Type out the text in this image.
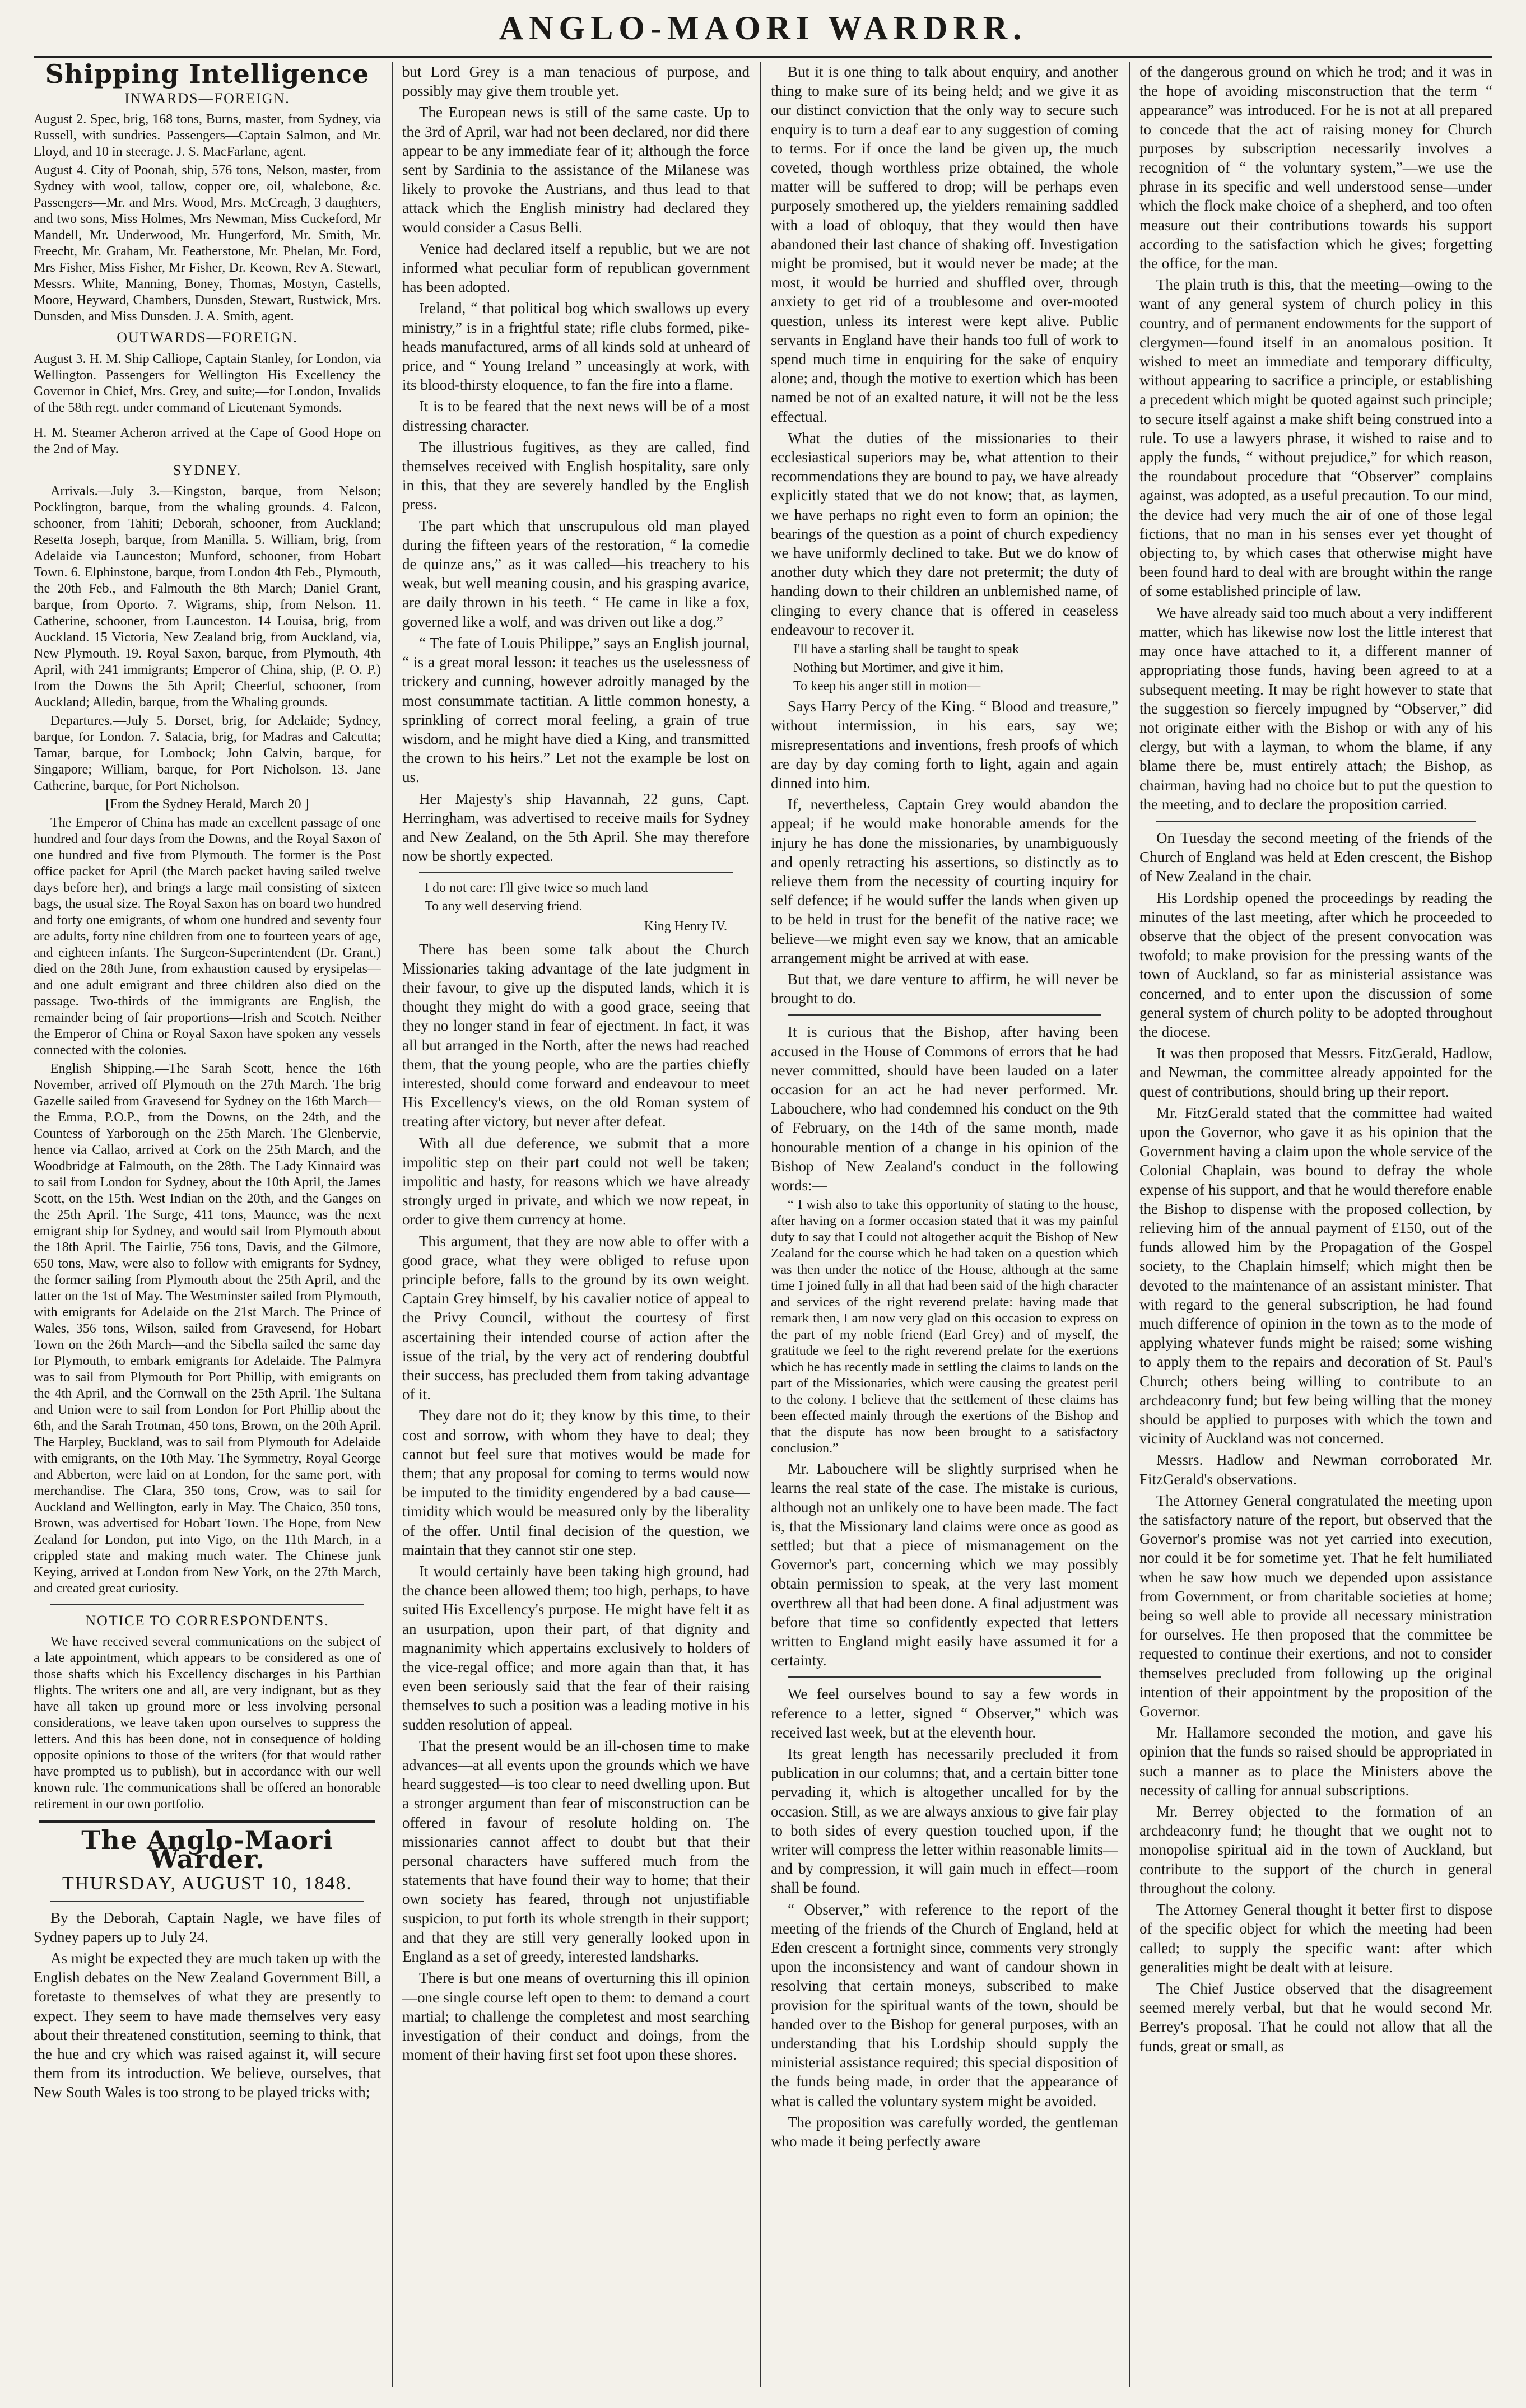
ANGLO-MAORI WARDRR.
Shipping Intelligence
INWARDS—FOREIGN.

August 2. Spec, brig, 168 tons, Burns, master, from Sydney, via Russell, with sundries. Passengers—Captain Salmon, and Mr. Lloyd, and 10 in steerage. J. S. MacFarlane, agent.

August 4. City of Poonah, ship, 576 tons, Nelson, master, from Sydney with wool, tallow, copper ore, oil, whalebone, &c. Passengers—Mr. and Mrs. Wood, Mrs. McCreagh, 3 daughters, and two sons, Miss Holmes, Mrs Newman, Miss Cuckeford, Mr Mandell, Mr. Underwood, Mr. Hungerford, Mr. Smith, Mr. Freecht, Mr. Graham, Mr. Featherstone, Mr. Phelan, Mr. Ford, Mrs Fisher, Miss Fisher, Mr Fisher, Dr. Keown, Rev A. Stewart, Messrs. White, Manning, Boney, Thomas, Mostyn, Castells, Moore, Heyward, Chambers, Dunsden, Stewart, Rustwick, Mrs. Dunsden, and Miss Dunsden. J. A. Smith, agent.

OUTWARDS—FOREIGN.

August 3. H. M. Ship Calliope, Captain Stanley, for London, via Wellington. Passengers for Wellington His Excellency the Governor in Chief, Mrs. Grey, and suite;—for London, Invalids of the 58th regt. under command of Lieutenant Symonds.

H. M. Steamer Acheron arrived at the Cape of Good Hope on the 2nd of May.

SYDNEY.

Arrivals.—July 3.—Kingston, barque, from Nelson; Pocklington, barque, from the whaling grounds. 4. Falcon, schooner, from Tahiti; Deborah, schooner, from Auckland; Resetta Joseph, barque, from Manilla. 5. William, brig, from Adelaide via Launceston; Munford, schooner, from Hobart Town. 6. Elphinstone, barque, from London 4th Feb., Plymouth, the 20th Feb., and Falmouth the 8th March; Daniel Grant, barque, from Oporto. 7. Wigrams, ship, from Nelson. 11. Catherine, schooner, from Launceston. 14 Louisa, brig, from Auckland. 15 Victoria, New Zealand brig, from Auckland, via, New Plymouth. 19. Royal Saxon, barque, from Plymouth, 4th April, with 241 immigrants; Emperor of China, ship, (P. O. P.) from the Downs the 5th April; Cheerful, schooner, from Auckland; Alledin, barque, from the Whaling grounds.

Departures.—July 5. Dorset, brig, for Adelaide; Sydney, barque, for London. 7. Salacia, brig, for Madras and Calcutta; Tamar, barque, for Lombock; John Calvin, barque, for Singapore; William, barque, for Port Nicholson. 13. Jane Catherine, barque, for Port Nicholson.

[From the Sydney Herald, March 20 ]

The Emperor of China has made an excellent passage of one hundred and four days from the Downs, and the Royal Saxon of one hundred and five from Plymouth. The former is the Post office packet for April (the March packet having sailed twelve days before her), and brings a large mail consisting of sixteen bags, the usual size. The Royal Saxon has on board two hundred and forty one emigrants, of whom one hundred and seventy four are adults, forty nine children from one to fourteen years of age, and eighteen infants. The Surgeon-Superintendent (Dr. Grant,) died on the 28th June, from exhaustion caused by erysipelas—and one adult emigrant and three children also died on the passage. Two-thirds of the immigrants are English, the remainder being of fair proportions—Irish and Scotch. Neither the Emperor of China or Royal Saxon have spoken any vessels connected with the colonies.

English Shipping.—The Sarah Scott, hence the 16th November, arrived off Plymouth on the 27th March. The brig Gazelle sailed from Gravesend for Sydney on the 16th March—the Emma, P.O.P., from the Downs, on the 24th, and the Countess of Yarborough on the 25th March. The Glenbervie, hence via Callao, arrived at Cork on the 25th March, and the Woodbridge at Falmouth, on the 28th. The Lady Kinnaird was to sail from London for Sydney, about the 10th April, the James Scott, on the 15th. West Indian on the 20th, and the Ganges on the 25th April. The Surge, 411 tons, Maunce, was the next emigrant ship for Sydney, and would sail from Plymouth about the 18th April. The Fairlie, 756 tons, Davis, and the Gilmore, 650 tons, Maw, were also to follow with emigrants for Sydney, the former sailing from Plymouth about the 25th April, and the latter on the 1st of May. The Westminster sailed from Plymouth, with emigrants for Adelaide on the 21st March. The Prince of Wales, 356 tons, Wilson, sailed from Gravesend, for Hobart Town on the 26th March—and the Sibella sailed the same day for Plymouth, to embark emigrants for Adelaide. The Palmyra was to sail from Plymouth for Port Phillip, with emigrants on the 4th April, and the Cornwall on the 25th April. The Sultana and Union were to sail from London for Port Phillip about the 6th, and the Sarah Trotman, 450 tons, Brown, on the 20th April. The Harpley, Buckland, was to sail from Plymouth for Adelaide with emigrants, on the 10th May. The Symmetry, Royal George and Abberton, were laid on at London, for the same port, with merchandise. The Clara, 350 tons, Crow, was to sail for Auckland and Wellington, early in May. The Chaico, 350 tons, Brown, was advertised for Hobart Town. The Hope, from New Zealand for London, put into Vigo, on the 11th March, in a crippled state and making much water. The Chinese junk Keying, arrived at London from New York, on the 27th March, and created great curiosity.

NOTICE TO CORRESPONDENTS.

We have received several communications on the subject of a late appointment, which appears to be considered as one of those shafts which his Excellency discharges in his Parthian flights. The writers one and all, are very indignant, but as they have all taken up ground more or less involving personal considerations, we leave taken upon ourselves to suppress the letters. And this has been done, not in consequence of holding opposite opinions to those of the writers (for that would rather have prompted us to publish), but in accordance with our well known rule. The communications shall be offered an honorable retirement in our own portfolio.

The Anglo-Maori Warder.
THURSDAY, AUGUST 10, 1848.

By the Deborah, Captain Nagle, we have files of Sydney papers up to July 24.

As might be expected they are much taken up with the English debates on the New Zealand Government Bill, a foretaste to themselves of what they are presently to expect. They seem to have made themselves very easy about their threatened constitution, seeming to think, that the hue and cry which was raised against it, will secure them from its introduction. We believe, ourselves, that New South Wales is too strong to be played tricks with;

but Lord Grey is a man tenacious of purpose, and possibly may give them trouble yet.

The European news is still of the same caste. Up to the 3rd of April, war had not been declared, nor did there appear to be any immediate fear of it; although the force sent by Sardinia to the assistance of the Milanese was likely to provoke the Austrians, and thus lead to that attack which the English ministry had declared they would consider a Casus Belli.

Venice had declared itself a republic, but we are not informed what peculiar form of republican government has been adopted.

Ireland, “ that political bog which swallows up every ministry,” is in a frightful state; rifle clubs formed, pike-heads manufactured, arms of all kinds sold at unheard of price, and “ Young Ireland ” unceasingly at work, with its blood-thirsty eloquence, to fan the fire into a flame.

It is to be feared that the next news will be of a most distressing character.

The illustrious fugitives, as they are called, find themselves received with English hospitality, sare only in this, that they are severely handled by the English press.

The part which that unscrupulous old man played during the fifteen years of the restoration, “ la comedie de quinze ans,” as it was called—his treachery to his weak, but well meaning cousin, and his grasping avarice, are daily thrown in his teeth. “ He came in like a fox, governed like a wolf, and was driven out like a dog.”

“ The fate of Louis Philippe,” says an English journal, “ is a great moral lesson: it teaches us the uselessness of trickery and cunning, however adroitly managed by the most consummate tactitian. A little common honesty, a sprinkling of correct moral feeling, a grain of true wisdom, and he might have died a King, and transmitted the crown to his heirs.” Let not the example be lost on us.

Her Majesty's ship Havannah, 22 guns, Capt. Herringham, was advertised to receive mails for Sydney and New Zealand, on the 5th April. She may therefore now be shortly expected.

I do not care: I'll give twice so much land

To any well deserving friend.

King Henry IV.

There has been some talk about the Church Missionaries taking advantage of the late judgment in their favour, to give up the disputed lands, which it is thought they might do with a good grace, seeing that they no longer stand in fear of ejectment. In fact, it was all but arranged in the North, after the news had reached them, that the young people, who are the parties chiefly interested, should come forward and endeavour to meet His Excellency's views, on the old Roman system of treating after victory, but never after defeat.

With all due deference, we submit that a more impolitic step on their part could not well be taken; impolitic and hasty, for reasons which we have already strongly urged in private, and which we now repeat, in order to give them currency at home.

This argument, that they are now able to offer with a good grace, what they were obliged to refuse upon principle before, falls to the ground by its own weight. Captain Grey himself, by his cavalier notice of appeal to the Privy Council, without the courtesy of first ascertaining their intended course of action after the issue of the trial, by the very act of rendering doubtful their success, has precluded them from taking advantage of it.

They dare not do it; they know by this time, to their cost and sorrow, with whom they have to deal; they cannot but feel sure that motives would be made for them; that any proposal for coming to terms would now be imputed to the timidity engendered by a bad cause—timidity which would be measured only by the liberality of the offer. Until final decision of the question, we maintain that they cannot stir one step.

It would certainly have been taking high ground, had the chance been allowed them; too high, perhaps, to have suited His Excellency's purpose. He might have felt it as an usurpation, upon their part, of that dignity and magnanimity which appertains exclusively to holders of the vice-regal office; and more again than that, it has even been seriously said that the fear of their raising themselves to such a position was a leading motive in his sudden resolution of appeal.

That the present would be an ill-chosen time to make advances—at all events upon the grounds which we have heard suggested—is too clear to need dwelling upon. But a stronger argument than fear of misconstruction can be offered in favour of resolute holding on. The missionaries cannot affect to doubt but that their personal characters have suffered much from the statements that have found their way to home; that their own society has feared, through not unjustifiable suspicion, to put forth its whole strength in their support; and that they are still very generally looked upon in England as a set of greedy, interested landsharks.

There is but one means of overturning this ill opinion—one single course left open to them: to demand a court martial; to challenge the completest and most searching investigation of their conduct and doings, from the moment of their having first set foot upon these shores.

But it is one thing to talk about enquiry, and another thing to make sure of its being held; and we give it as our distinct conviction that the only way to secure such enquiry is to turn a deaf ear to any suggestion of coming to terms. For if once the land be given up, the much coveted, though worthless prize obtained, the whole matter will be suffered to drop; will be perhaps even purposely smothered up, the yielders remaining saddled with a load of obloquy, that they would then have abandoned their last chance of shaking off. Investigation might be promised, but it would never be made; at the most, it would be hurried and shuffled over, through anxiety to get rid of a troublesome and over-mooted question, unless its interest were kept alive. Public servants in England have their hands too full of work to spend much time in enquiring for the sake of enquiry alone; and, though the motive to exertion which has been named be not of an exalted nature, it will not be the less effectual.

What the duties of the missionaries to their ecclesiastical superiors may be, what attention to their recommendations they are bound to pay, we have already explicitly stated that we do not know; that, as laymen, we have perhaps no right even to form an opinion; the bearings of the question as a point of church expediency we have uniformly declined to take. But we do know of another duty which they dare not pretermit; the duty of handing down to their children an unblemished name, of clinging to every chance that is offered in ceaseless endeavour to recover it.

I'll have a starling shall be taught to speak

Nothing but Mortimer, and give it him,

To keep his anger still in motion—

Says Harry Percy of the King. “ Blood and treasure,” without intermission, in his ears, say we; misrepresentations and inventions, fresh proofs of which are day by day coming forth to light, again and again dinned into him.

If, nevertheless, Captain Grey would abandon the appeal; if he would make honorable amends for the injury he has done the missionaries, by unambiguously and openly retracting his assertions, so distinctly as to relieve them from the necessity of courting inquiry for self defence; if he would suffer the lands when given up to be held in trust for the benefit of the native race; we believe—we might even say we know, that an amicable arrangement might be arrived at with ease.

But that, we dare venture to affirm, he will never be brought to do.

It is curious that the Bishop, after having been accused in the House of Commons of errors that he had never committed, should have been lauded on a later occasion for an act he had never performed. Mr. Labouchere, who had condemned his conduct on the 9th of February, on the 14th of the same month, made honourable mention of a change in his opinion of the Bishop of New Zealand's conduct in the following words:—

“ I wish also to take this opportunity of stating to the house, after having on a former occasion stated that it was my painful duty to say that I could not altogether acquit the Bishop of New Zealand for the course which he had taken on a question which was then under the notice of the House, although at the same time I joined fully in all that had been said of the high character and services of the right reverend prelate: having made that remark then, I am now very glad on this occasion to express on the part of my noble friend (Earl Grey) and of myself, the gratitude we feel to the right reverend prelate for the exertions which he has recently made in settling the claims to lands on the part of the Missionaries, which were causing the greatest peril to the colony. I believe that the settlement of these claims has been effected mainly through the exertions of the Bishop and that the dispute has now been brought to a satisfactory conclusion.”

Mr. Labouchere will be slightly surprised when he learns the real state of the case. The mistake is curious, although not an unlikely one to have been made. The fact is, that the Missionary land claims were once as good as settled; but that a piece of mismanagement on the Governor's part, concerning which we may possibly obtain permission to speak, at the very last moment overthrew all that had been done. A final adjustment was before that time so confidently expected that letters written to England might easily have assumed it for a certainty.

We feel ourselves bound to say a few words in reference to a letter, signed “ Observer,” which was received last week, but at the eleventh hour.

Its great length has necessarily precluded it from publication in our columns; that, and a certain bitter tone pervading it, which is altogether uncalled for by the occasion. Still, as we are always anxious to give fair play to both sides of every question touched upon, if the writer will compress the letter within reasonable limits—and by compression, it will gain much in effect—room shall be found.

“ Observer,” with reference to the report of the meeting of the friends of the Church of England, held at Eden crescent a fortnight since, comments very strongly upon the inconsistency and want of candour shown in resolving that certain moneys, subscribed to make provision for the spiritual wants of the town, should be handed over to the Bishop for general purposes, with an understanding that his Lordship should supply the ministerial assistance required; this special disposition of the funds being made, in order that the appearance of what is called the voluntary system might be avoided.

The proposition was carefully worded, the gentleman who made it being perfectly aware

of the dangerous ground on which he trod; and it was in the hope of avoiding misconstruction that the term “ appearance” was introduced. For he is not at all prepared to concede that the act of raising money for Church purposes by subscription necessarily involves a recognition of “ the voluntary system,”—we use the phrase in its specific and well understood sense—under which the flock make choice of a shepherd, and too often measure out their contributions towards his support according to the satisfaction which he gives; forgetting the office, for the man.

The plain truth is this, that the meeting—owing to the want of any general system of church policy in this country, and of permanent endowments for the support of clergymen—found itself in an anomalous position. It wished to meet an immediate and temporary difficulty, without appearing to sacrifice a principle, or establishing a precedent which might be quoted against such principle; to secure itself against a make shift being construed into a rule. To use a lawyers phrase, it wished to raise and to apply the funds, “ without prejudice,” for which reason, the roundabout procedure that “Observer” complains against, was adopted, as a useful precaution. To our mind, the device had very much the air of one of those legal fictions, that no man in his senses ever yet thought of objecting to, by which cases that otherwise might have been found hard to deal with are brought within the range of some established principle of law.

We have already said too much about a very indifferent matter, which has likewise now lost the little interest that may once have attached to it, a different manner of appropriating those funds, having been agreed to at a subsequent meeting. It may be right however to state that the suggestion so fiercely impugned by “Observer,” did not originate either with the Bishop or with any of his clergy, but with a layman, to whom the blame, if any blame there be, must entirely attach; the Bishop, as chairman, having had no choice but to put the question to the meeting, and to declare the proposition carried.

On Tuesday the second meeting of the friends of the Church of England was held at Eden crescent, the Bishop of New Zealand in the chair.

His Lordship opened the proceedings by reading the minutes of the last meeting, after which he proceeded to observe that the object of the present convocation was twofold; to make provision for the pressing wants of the town of Auckland, so far as ministerial assistance was concerned, and to enter upon the discussion of some general system of church polity to be adopted throughout the diocese.

It was then proposed that Messrs. FitzGerald, Hadlow, and Newman, the committee already appointed for the quest of contributions, should bring up their report.

Mr. FitzGerald stated that the committee had waited upon the Governor, who gave it as his opinion that the Government having a claim upon the whole service of the Colonial Chaplain, was bound to defray the whole expense of his support, and that he would therefore enable the Bishop to dispense with the proposed collection, by relieving him of the annual payment of £150, out of the funds allowed him by the Propagation of the Gospel society, to the Chaplain himself; which might then be devoted to the maintenance of an assistant minister. That with regard to the general subscription, he had found much difference of opinion in the town as to the mode of applying whatever funds might be raised; some wishing to apply them to the repairs and decoration of St. Paul's Church; others being willing to contribute to an archdeaconry fund; but few being willing that the money should be applied to purposes with which the town and vicinity of Auckland was not concerned.

Messrs. Hadlow and Newman corroborated Mr. FitzGerald's observations.

The Attorney General congratulated the meeting upon the satisfactory nature of the report, but observed that the Governor's promise was not yet carried into execution, nor could it be for sometime yet. That he felt humiliated when he saw how much we depended upon assistance from Government, or from charitable societies at home; being so well able to provide all necessary ministration for ourselves. He then proposed that the committee be requested to continue their exertions, and not to consider themselves precluded from following up the original intention of their appointment by the proposition of the Governor.

Mr. Hallamore seconded the motion, and gave his opinion that the funds so raised should be appropriated in such a manner as to place the Ministers above the necessity of calling for annual subscriptions.

Mr. Berrey objected to the formation of an archdeaconry fund; he thought that we ought not to monopolise spiritual aid in the town of Auckland, but contribute to the support of the church in general throughout the colony.

The Attorney General thought it better first to dispose of the specific object for which the meeting had been called; to supply the specific want: after which generalities might be dealt with at leisure.

The Chief Justice observed that the disagreement seemed merely verbal, but that he would second Mr. Berrey's proposal. That he could not allow that all the funds, great or small, as
